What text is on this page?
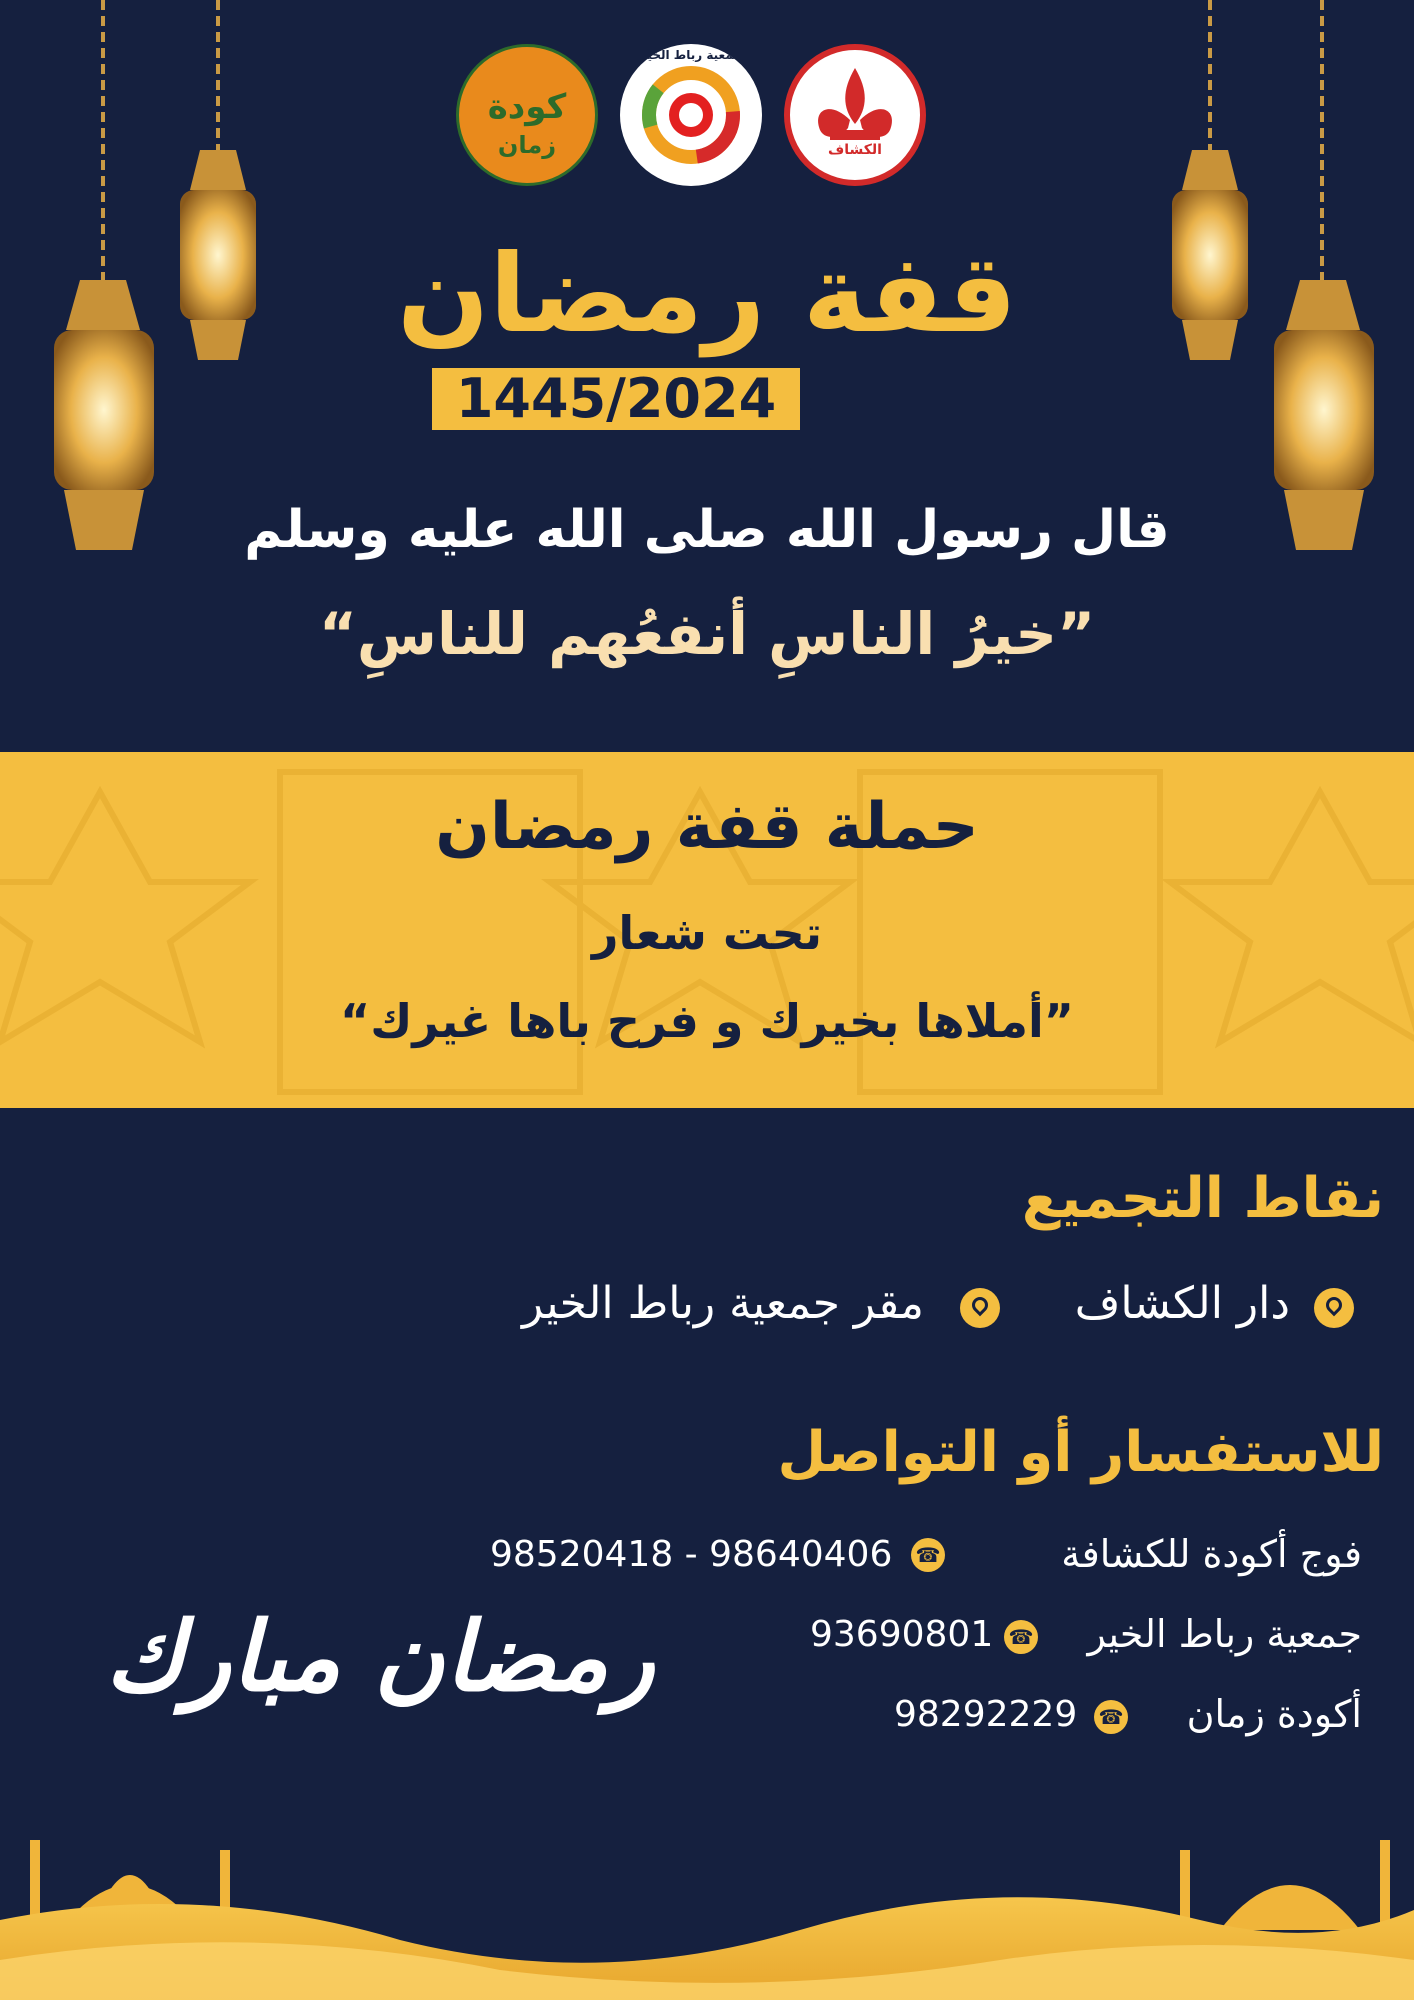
كودة
زمان
جمعية رباط الخير
الكشاف
قفة رمضان
1445/2024
قال رسول الله صلى الله عليه وسلم
”خيرُ الناسِ أنفعُهم للناسِ“
حملة قفة رمضان
تحت شعار
”أملاها بخيرك و فرح باها غيرك“
نقاط التجميع
دار الكشاف
مقر جمعية رباط الخير
للاستفسار أو التواصل
فوج أكودة للكشافة
☎
98520418 - 98640406
جمعية رباط الخير
☎
93690801
أكودة زمان
☎
98292229
رمضان مبارك
